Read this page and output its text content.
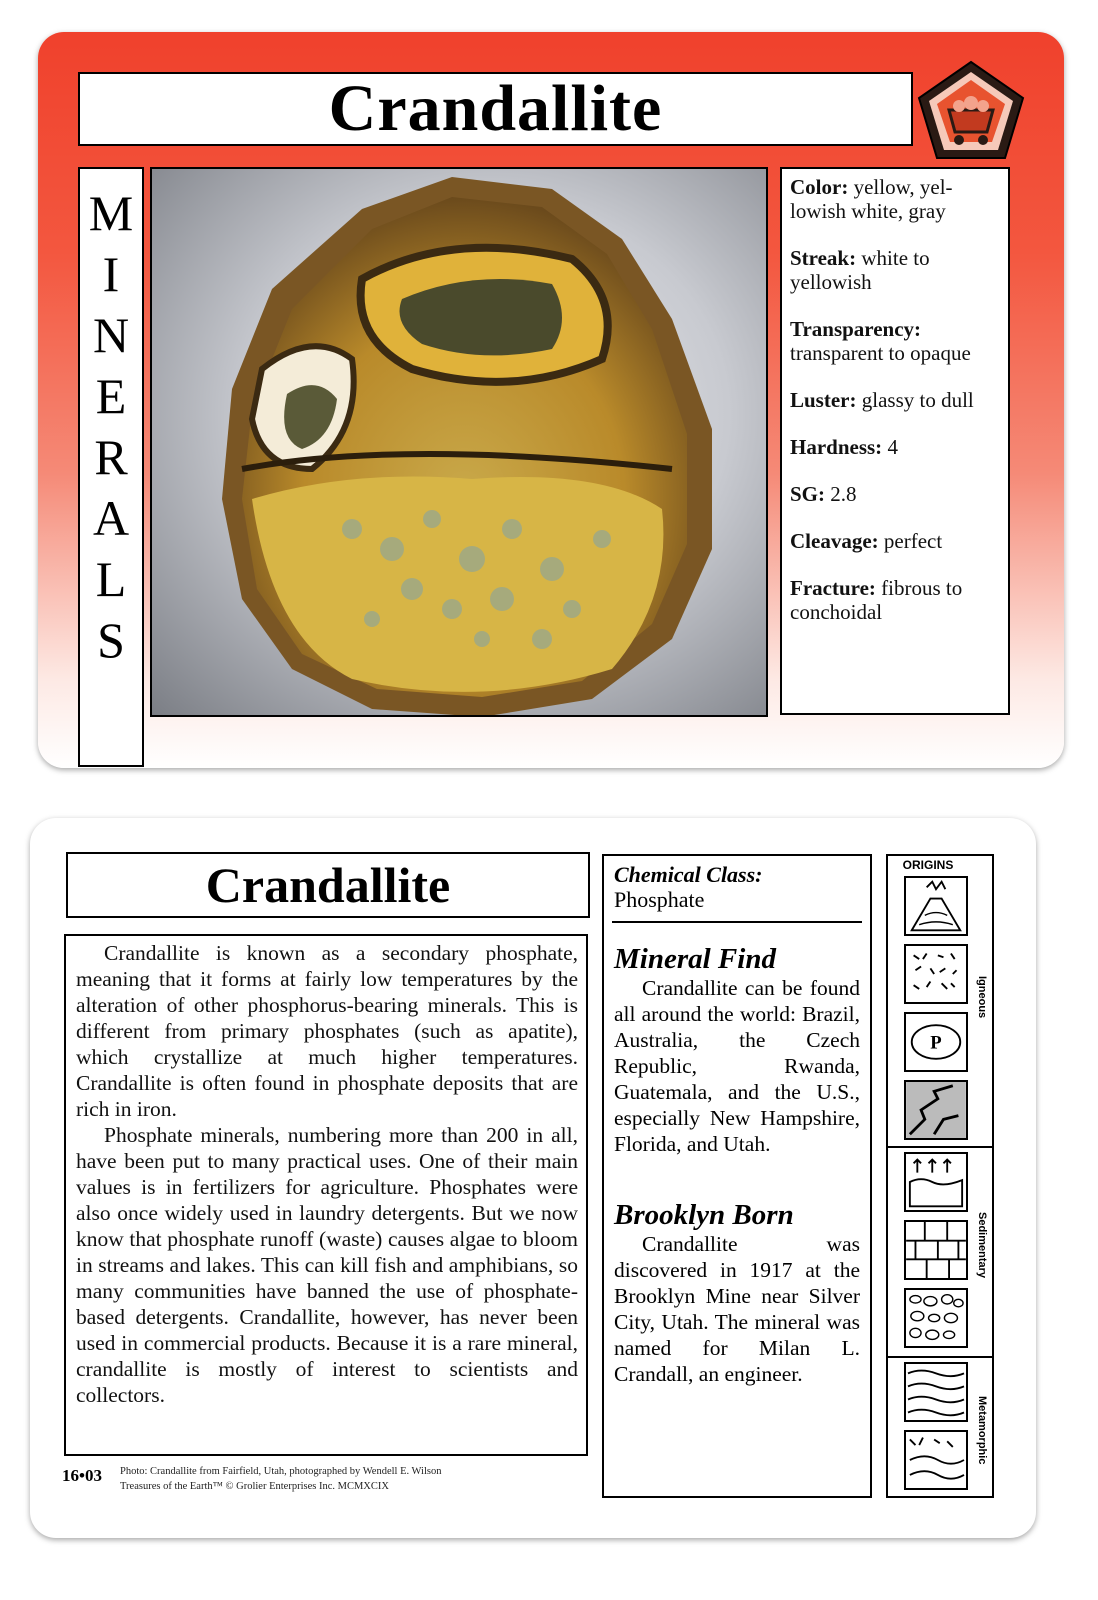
Crandallite
M
I
N
E
R
A
L
S
Color: yellow, yel- lowish white, gray
Streak: white to yellowish
Transparency:
transparent to opaque
Luster: glassy to dull
Hardness: 4
SG: 2.8
Cleavage: perfect
Fracture: fibrous to conchoidal
Crandallite

Crandallite is known as a secondary phosphate, meaning that it forms at fairly low temperatures by the alteration of other phosphorus-bearing minerals. This is different from primary phosphates (such as apatite), which crystallize at much higher temperatures. Crandallite is often found in phosphate deposits that are rich in iron.

Phosphate minerals, numbering more than 200 in all, have been put to many practical uses. One of their main values is in fertilizers for agriculture. Phosphates were also once widely used in laundry detergents. But we now know that phosphate runoff (waste) causes algae to bloom in streams and lakes. This can kill fish and amphibians, so many communities have banned the use of phosphate-based detergents. Crandallite, however, has never been used in commercial products. Because it is a rare mineral, crandallite is mostly of interest to scientists and collectors.

16•03 Photo: Crandallite from Fairfield, Utah, photographed by Wendell E. Wilson
Treasures of the Earth™ © Grolier Enterprises Inc. MCMXCIX
Chemical Class:
Phosphate
Mineral Find

Crandallite can be found all around the world: Brazil, Australia, the Czech Republic, Rwanda, Guatemala, and the U.S., especially New Hampshire, Florida, and Utah.

Brooklyn Born

Crandallite was discovered in 1917 at the Brooklyn Mine near Silver City, Utah. The mineral was named for Milan L. Crandall, an engineer.

ORIGINS
P
Igneous
Sedimentary
Metamorphic
